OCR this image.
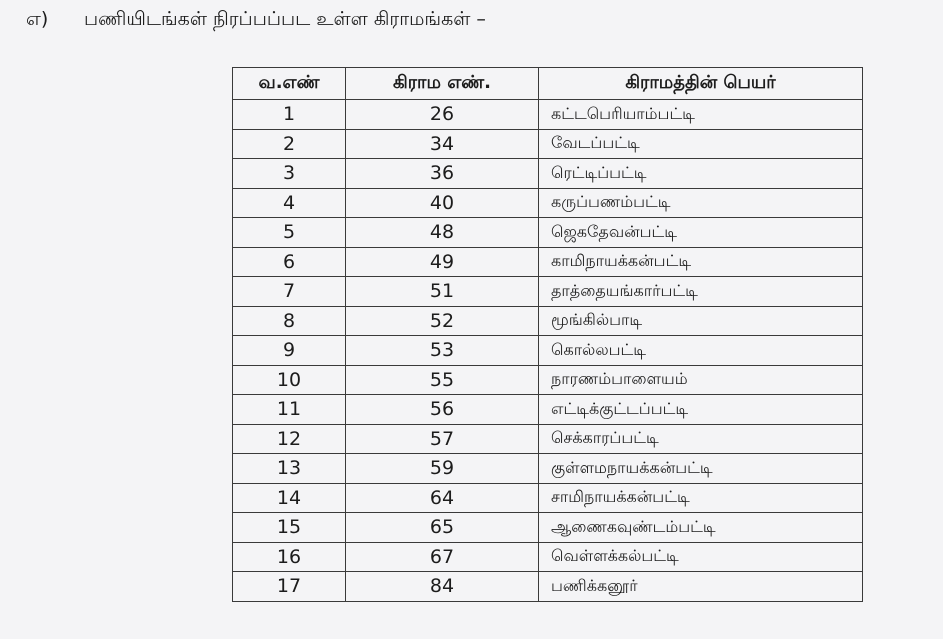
எ) பணியிடங்கள் நிரப்பப்பட உள்ள கிராமங்கள் –
வ.எண்	கிராம எண்.	கிராமத்தின் பெயர்
1	26	கட்டபெரியாம்பட்டி
2	34	வேடப்பட்டி
3	36	ரெட்டிப்பட்டி
4	40	கருப்பணம்பட்டி
5	48	ஜெகதேவன்பட்டி
6	49	காமிநாயக்கன்பட்டி
7	51	தாத்தையங்கார்பட்டி
8	52	மூங்கில்பாடி
9	53	கொல்லபட்டி
10	55	நாரணம்பாளையம்
11	56	எட்டிக்குட்டப்பட்டி
12	57	செக்காரப்பட்டி
13	59	குள்ளமநாயக்கன்பட்டி
14	64	சாமிநாயக்கன்பட்டி
15	65	ஆணைகவுண்டம்பட்டி
16	67	வெள்ளக்கல்பட்டி
17	84	பணிக்கனூர்
